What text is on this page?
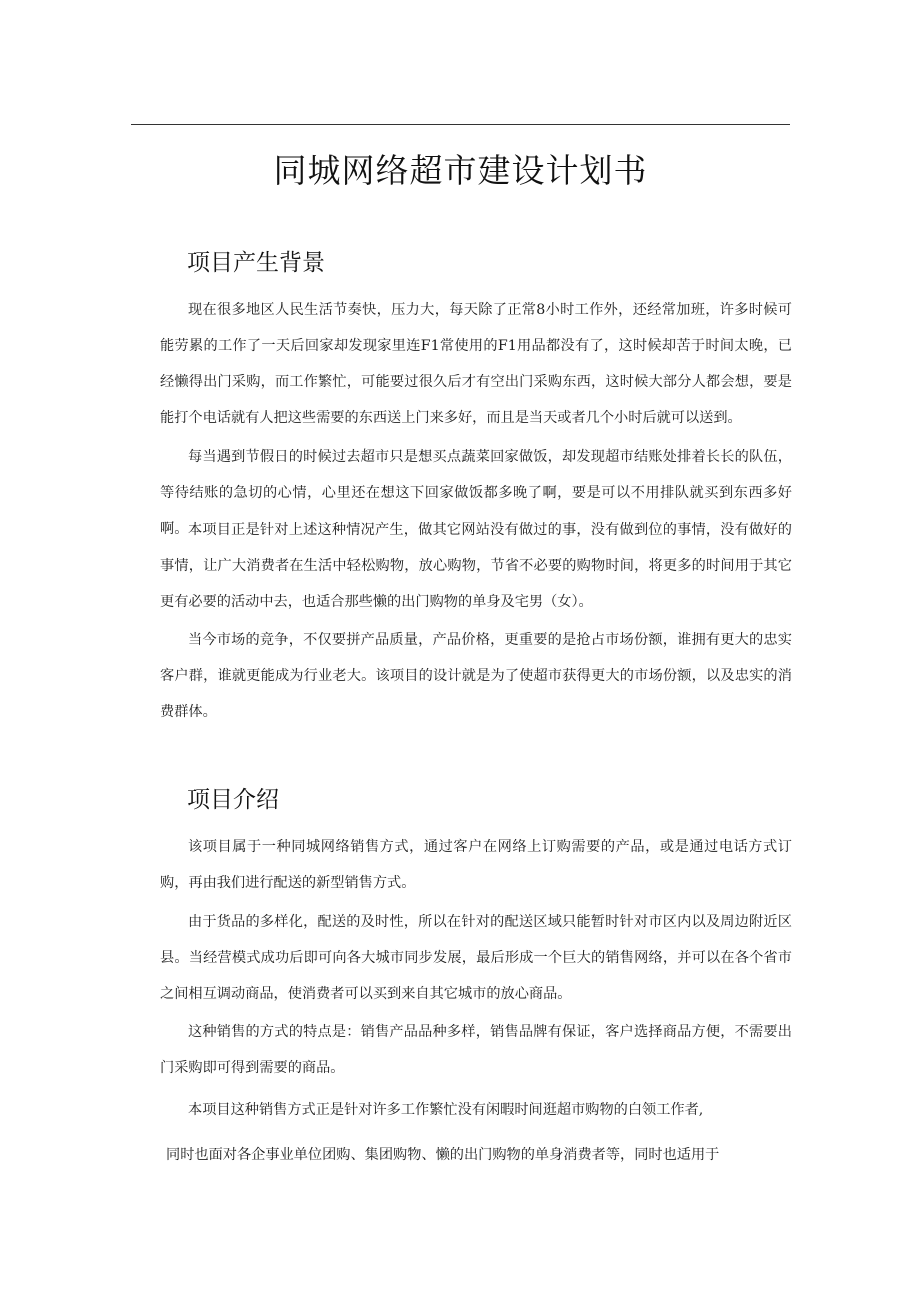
同城网络超市建设计划书
项目产生背景

现在很多地区人民生活节奏快，压力大，每天除了正常8小时工作外，还经常加班，许多时候可能劳累的工作了一天后回家却发现家里连F1常使用的F1用品都没有了，这时候却苦于时间太晚，已经懒得出门采购，而工作繁忙，可能要过很久后才有空出门采购东西，这时候大部分人都会想，要是能打个电话就有人把这些需要的东西送上门来多好，而且是当天或者几个小时后就可以送到。

每当遇到节假日的时候过去超市只是想买点蔬菜回家做饭，却发现超市结账处排着长长的队伍，等待结账的急切的心情，心里还在想这下回家做饭都多晚了啊，要是可以不用排队就买到东西多好啊。 本项目正是针对上述这种情况产生，做其它网站没有做过的事，没有做到位的事情，没有做好的事情，让广大消费者在生活中轻松购物，放心购物，节省不必要的购物时间，将更多的时间用于其它更有必要的活动中去，也适合那些懒的出门购物的单身及宅男（女）。

当今市场的竞争，不仅要拼产品质量，产品价格，更重要的是抢占市场份额，谁拥有更大的忠实客户群，谁就更能成为行业老大。该项目的设计就是为了使超市获得更大的市场份额，以及忠实的消费群体。

项目介绍

该项目属于一种同城网络销售方式，通过客户在网络上订购需要的产品，或是通过电话方式订购，再由我们进行配送的新型销售方式。

由于货品的多样化，配送的及时性，所以在针对的配送区域只能暂时针对市区内以及周边附近区县。当经营模式成功后即可向各大城市同步发展，最后形成一个巨大的销售网络，并可以在各个省市之间相互调动商品，使消费者可以买到来自其它城市的放心商品。

这种销售的方式的特点是：销售产品品种多样，销售品牌有保证，客户选择商品方便，不需要出门采购即可得到需要的商品。

本项目这种销售方式正是针对许多工作繁忙没有闲暇时间逛超市购物的白领工作者,

同时也面对各企事业单位团购、集团购物、懒的出门购物的单身消费者等，同时也适用于
